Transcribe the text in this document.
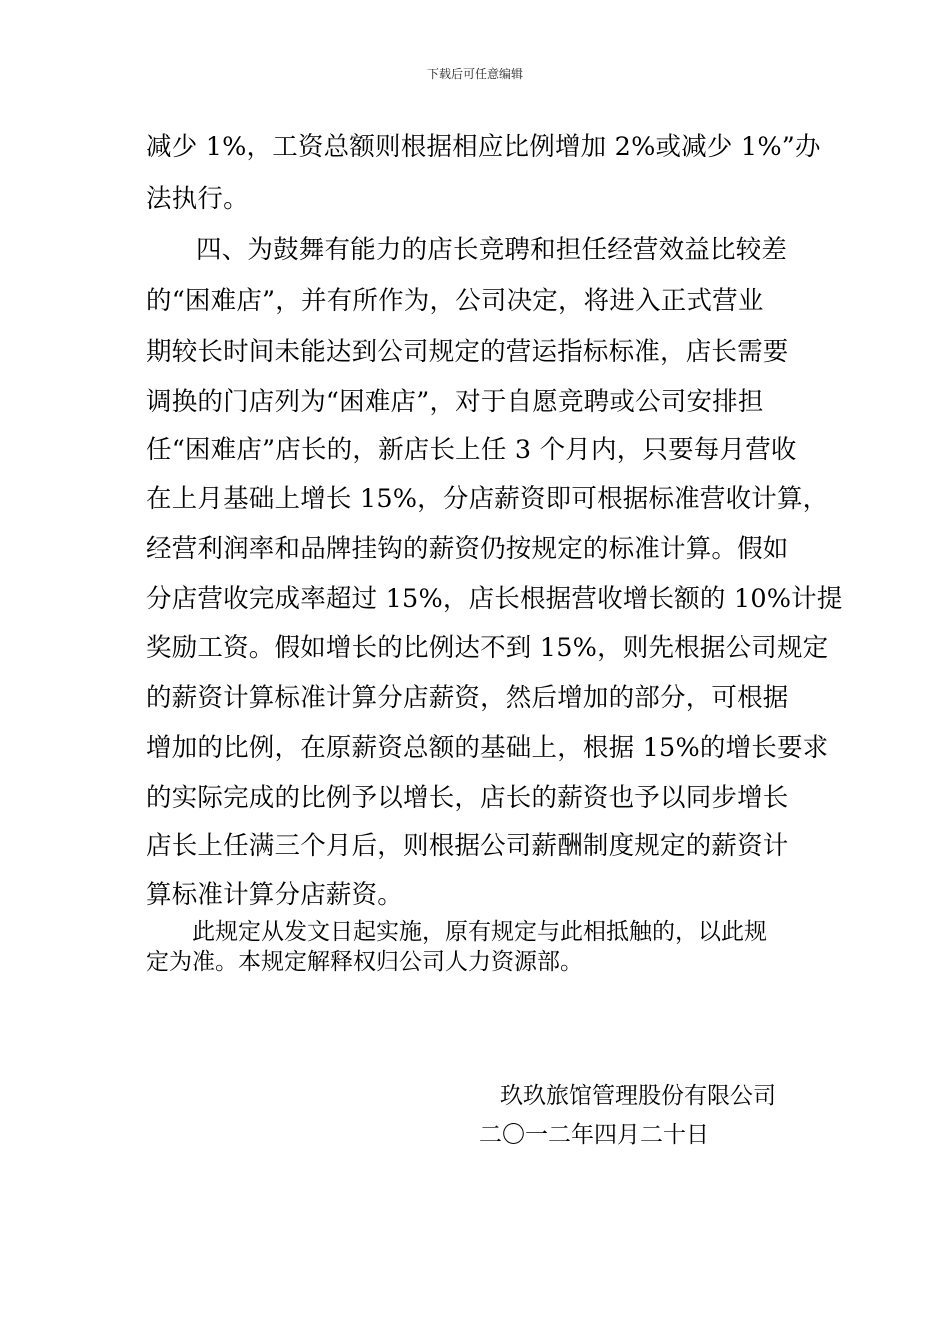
下载后可任意编辑
减少 1%，工资总额则根据相应比例增加 2%或减少 1%”办
法执行。
四、为鼓舞有能力的店长竞聘和担任经营效益比较差
的“困难店”，并有所作为，公司决定，将进入正式营业
期较长时间未能达到公司规定的营运指标标准，店长需要
调换的门店列为“困难店”，对于自愿竞聘或公司安排担
任“困难店”店长的，新店长上任 3 个月内，只要每月营收
在上月基础上增长 15%，分店薪资即可根据标准营收计算，
经营利润率和品牌挂钩的薪资仍按规定的标准计算。假如
分店营收完成率超过 15%，店长根据营收增长额的 10%计提
奖励工资。假如增长的比例达不到 15%，则先根据公司规定
的薪资计算标准计算分店薪资，然后增加的部分，可根据
增加的比例，在原薪资总额的基础上，根据 15%的增长要求
的实际完成的比例予以增长，店长的薪资也予以同步增长
店长上任满三个月后，则根据公司薪酬制度规定的薪资计
算标准计算分店薪资。
此规定从发文日起实施，原有规定与此相抵触的，以此规
定为准。本规定解释权归公司人力资源部。
玖玖旅馆管理股份有限公司
二〇一二年四月二十日
